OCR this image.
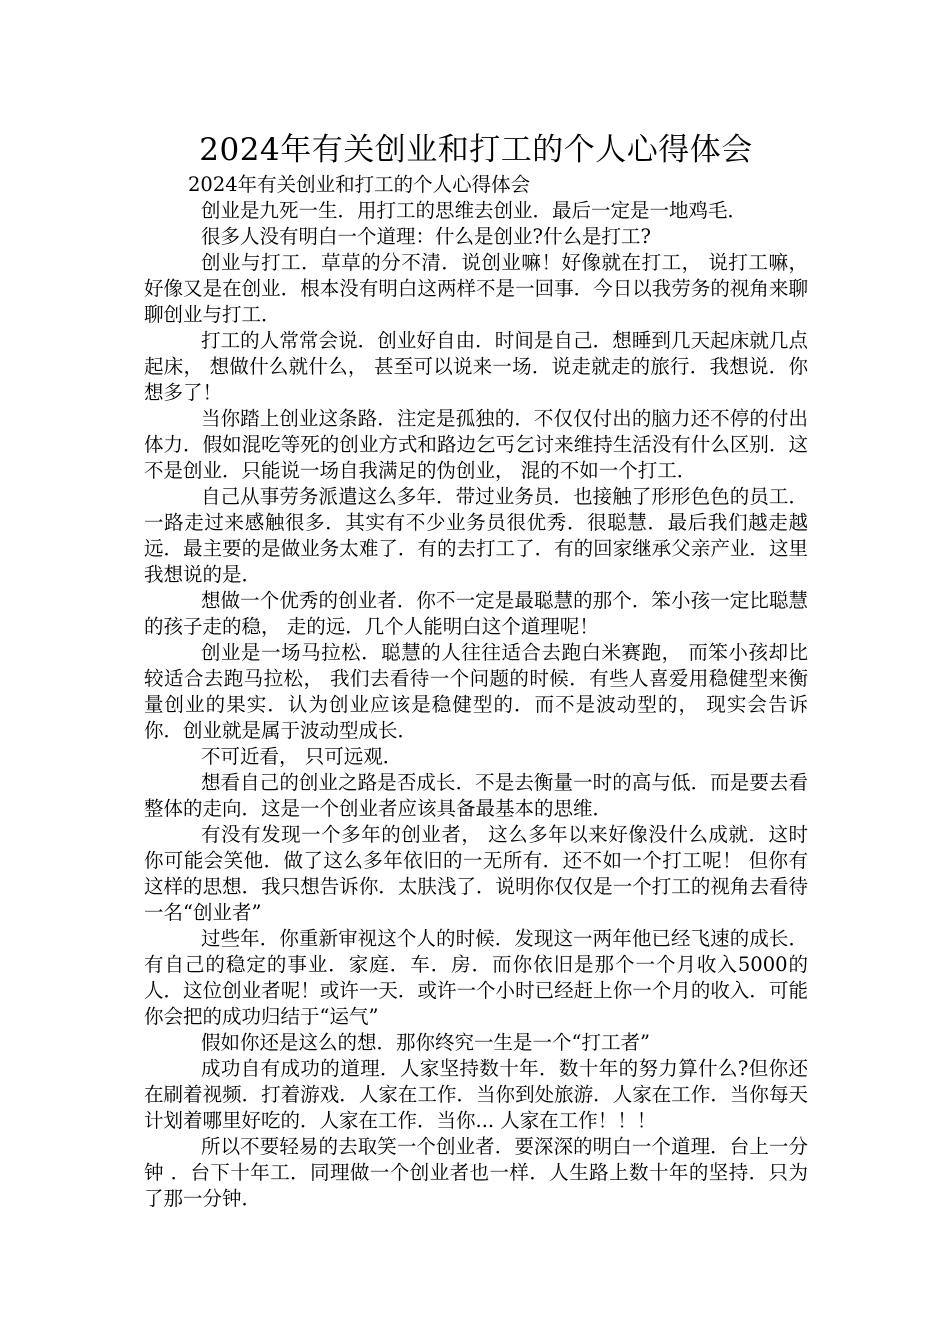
2024年有关创业和打工的个人心得体会

2024年有关创业和打工的个人心得体会

创业是九死一生．用打工的思维去创业．最后一定是一地鸡毛．

很多人没有明白一个道理：什么是创业?什么是打工?

创业与打工．草草的分不清．说创业嘛！好像就在打工， 说打工嘛， 好像又是在创业．根本没有明白这两样不是一回事．今日以我劳务的视角来聊聊创业与打工．

打工的人常常会说．创业好自由．时间是自己．想睡到几天起床就几点起床， 想做什么就什么， 甚至可以说来一场．说走就走的旅行．我想说．你想多了！

当你踏上创业这条路．注定是孤独的．不仅仅付出的脑力还不停的付出体力．假如混吃等死的创业方式和路边乞丐乞讨来维持生活没有什么区别．这不是创业．只能说一场自我满足的伪创业， 混的不如一个打工．

自己从事劳务派遣这么多年．带过业务员．也接触了形形色色的员工．一路走过来感触很多．其实有不少业务员很优秀．很聪慧．最后我们越走越远．最主要的是做业务太难了．有的去打工了．有的回家继承父亲产业．这里我想说的是．

想做一个优秀的创业者．你不一定是最聪慧的那个．笨小孩一定比聪慧的孩子走的稳， 走的远．几个人能明白这个道理呢！

创业是一场马拉松．聪慧的人往往适合去跑白米赛跑， 而笨小孩却比较适合去跑马拉松， 我们去看待一个问题的时候．有些人喜爱用稳健型来衡量创业的果实．认为创业应该是稳健型的．而不是波动型的， 现实会告诉你．创业就是属于波动型成长．

不可近看， 只可远观．

想看自己的创业之路是否成长．不是去衡量一时的高与低．而是要去看整体的走向．这是一个创业者应该具备最基本的思维．

有没有发现一个多年的创业者， 这么多年以来好像没什么成就．这时你可能会笑他．做了这么多年依旧的一无所有．还不如一个打工呢！ 但你有这样的思想．我只想告诉你．太肤浅了．说明你仅仅是一个打工的视角去看待一名“创业者”

过些年．你重新审视这个人的时候．发现这一两年他已经飞速的成长．有自己的稳定的事业．家庭．车．房．而你依旧是那个一个月收入5000的人．这位创业者呢！或许一天．或许一个小时已经赶上你一个月的收入．可能你会把的成功归结于“运气”

假如你还是这么的想．那你终究一生是一个“打工者”

成功自有成功的道理．人家坚持数十年．数十年的努力算什么?但你还在刷着视频．打着游戏．人家在工作．当你到处旅游．人家在工作．当你每天计划着哪里好吃的．人家在工作．当你... 人家在工作！！！

所以不要轻易的去取笑一个创业者．要深深的明白一个道理．台上一分钟 ．台下十年工．同理做一个创业者也一样．人生路上数十年的坚持．只为了那一分钟．
